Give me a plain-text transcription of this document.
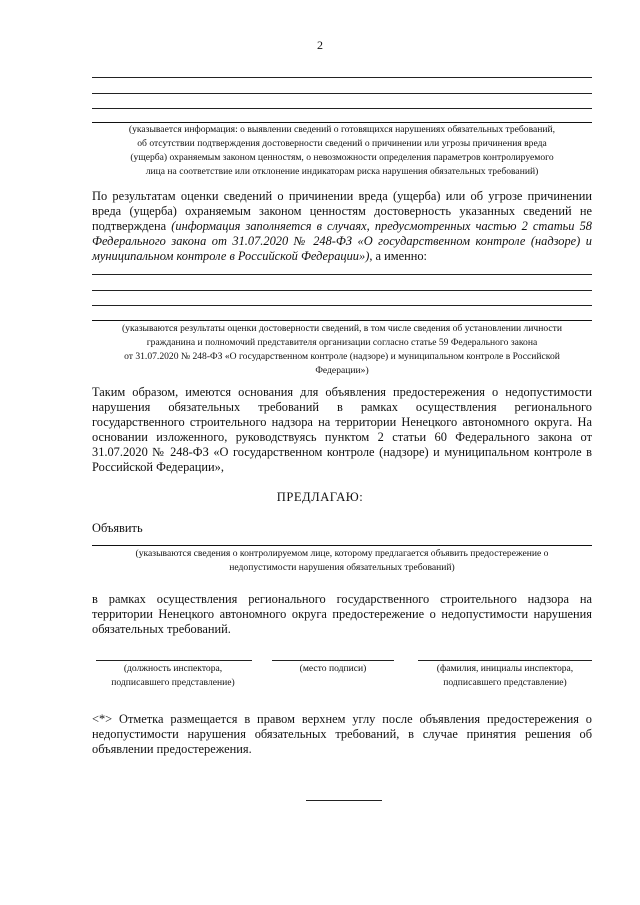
2
(указывается информация: о выявлении сведений о готовящихся нарушениях обязательных требований,
об отсутствии подтверждения достоверности сведений о причинении или угрозы причинения вреда
(ущерба) охраняемым законом ценностям, о невозможности определения параметров контролируемого
лица на соответствие или отклонение индикаторам риска нарушения обязательных требований)
По результатам оценки сведений о причинении вреда (ущерба) или об угрозе причинении вреда (ущерба) охраняемым законом ценностям достоверность указанных сведений не подтверждена (информация заполняется в случаях, предусмотренных частью 2 статьи 58 Федерального закона от 31.07.2020 № 248-ФЗ «О государственном контроле (надзоре) и муниципальном контроле в Российской Федерации»), а именно:
(указываются результаты оценки достоверности сведений, в том числе сведения об установлении личности
гражданина и полномочий представителя организации согласно статье 59 Федерального закона
от 31.07.2020 № 248-ФЗ «О государственном контроле (надзоре) и муниципальном контроле в Российской
Федерации»)
Таким образом, имеются основания для объявления предостережения о недопустимости нарушения обязательных требований в рамках осуществления регионального государственного строительного надзора на территории Ненецкого автономного округа. На основании изложенного, руководствуясь пунктом 2 статьи 60 Федерального закона от 31.07.2020 № 248-ФЗ «О государственном контроле (надзоре) и муниципальном контроле в Российской Федерации»,
ПРЕДЛАГАЮ:
Объявить
(указываются сведения о контролируемом лице, которому предлагается объявить предостережение о
недопустимости нарушения обязательных требований)
в рамках осуществления регионального государственного строительного надзора на территории Ненецкого автономного округа предостережение о недопустимости нарушения обязательных требований.
(должность инспектора,
подписавшего представление)
(место подписи)	(фамилия, инициалы инспектора,
подписавшего представление)
<*> Отметка размещается в правом верхнем углу после объявления предостережения о недопустимости нарушения обязательных требований, в случае принятия решения об объявлении предостережения.
